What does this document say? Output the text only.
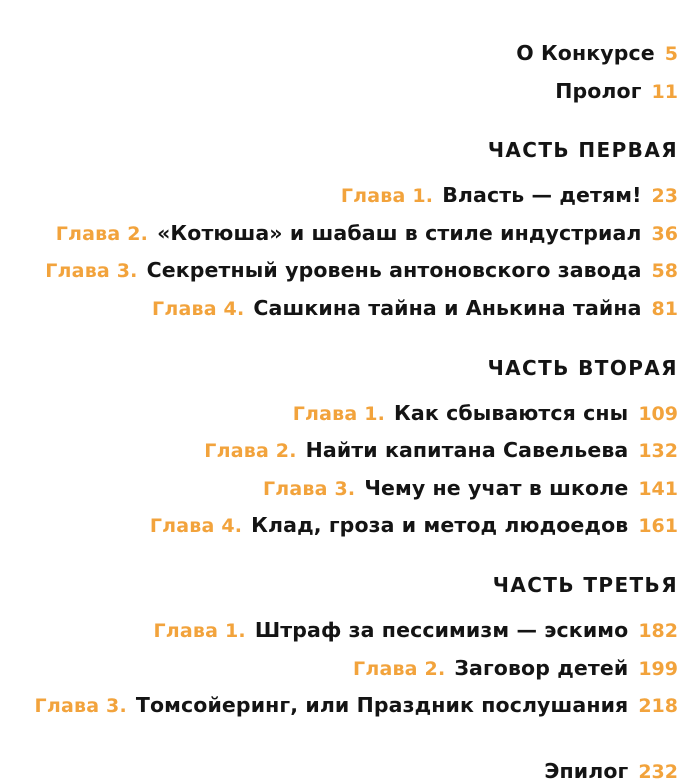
О Конкурсе 5
Пролог 11
ЧАСТЬ ПЕРВАЯ
Глава 1. Власть — детям! 23
Глава 2. «Котюша» и шабаш в стиле индустриал 36
Глава 3. Секретный уровень антоновского завода 58
Глава 4. Сашкина тайна и Анькина тайна 81
ЧАСТЬ ВТОРАЯ
Глава 1. Как сбываются сны 109
Глава 2. Найти капитана Савельева 132
Глава 3. Чему не учат в школе 141
Глава 4. Клад, гроза и метод людоедов 161
ЧАСТЬ ТРЕТЬЯ
Глава 1. Штраф за пессимизм — эскимо 182
Глава 2. Заговор детей 199
Глава 3. Томсойеринг, или Праздник послушания 218
Эпилог 232
